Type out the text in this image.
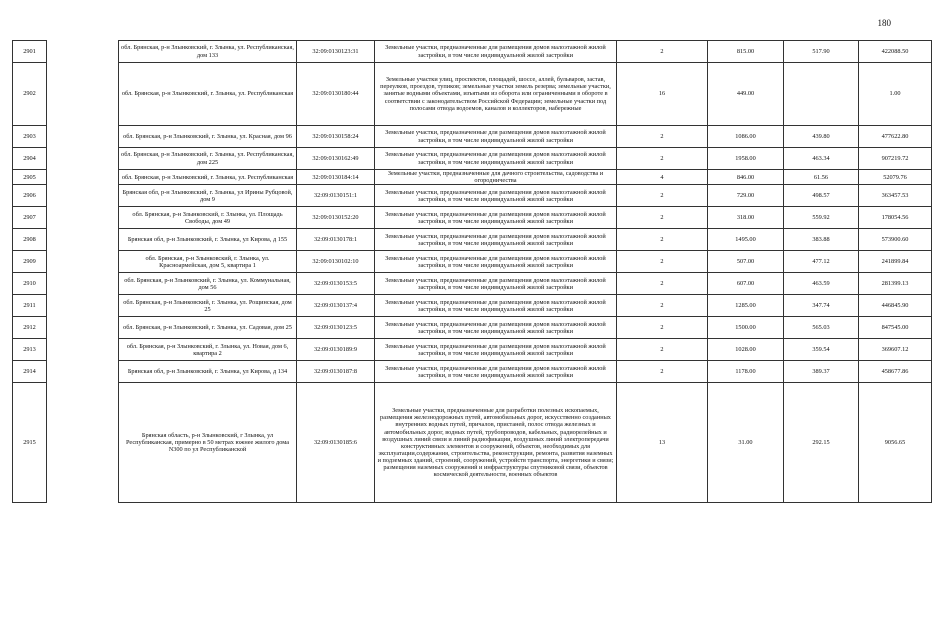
180
2901		обл. Брянская, р-н Злынковский, г. Злынка, ул. Республиканская, дом 133	32:09:0130123:31	Земельные участки, предназначенные для размещения домов малоэтажной жилой застройки, в том числе индивидуальной жилой застройки	2	815.00	517.90	422088.50
2902		обл. Брянская, р-н Злынковский, г. Злынка, ул. Республиканская	32:09:0130180:44	Земельные участки улиц, проспектов, площадей, шоссе, аллей, бульваров, застав, переулков, проездов, тупиков; земельные участки земель резерва; земельные участки, занятые водными объектами, изъятыми из оборота или ограниченными в обороте в соответствии с законодательством Российской Федерации; земельные участки под полосами отвода водоемов, каналов и коллекторов, набережные	16	449.00		1.00
2903		обл. Брянская, р-н Злынковский, г. Злынка, ул. Красная, дом 96	32:09:0130158:24	Земельные участки, предназначенные для размещения домов малоэтажной жилой застройки, в том числе индивидуальной жилой застройки	2	1086.00	439.80	477622.80
2904		обл. Брянская, р-н Злынковский, г. Злынка, ул. Республиканская, дом 225	32:09:0130162:49	Земельные участки, предназначенные для размещения домов малоэтажной жилой застройки, в том числе индивидуальной жилой застройки	2	1958.00	463.34	907219.72
2905		обл. Брянская, р-н Злынковский, г. Злынка, ул. Республиканская	32:09:0130184:14	Земельные участки, предназначенные для дачного строительства, садоводства и огородничества	4	846.00	61.56	52079.76
2906		Брянская обл, р-н Злынковский, г. Злынка, ул Ирины Рубцовой, дом 9	32:09:0130151:1	Земельные участки, предназначенные для размещения домов малоэтажной жилой застройки, в том числе индивидуальной жилой застройки	2	729.00	498.57	363457.53
2907		обл. Брянская, р-н Злынковский, г. Злынка, ул. Площадь Свободы, дом 49	32:09:0130152:20	Земельные участки, предназначенные для размещения домов малоэтажной жилой застройки, в том числе индивидуальной жилой застройки	2	318.00	559.92	178054.56
2908		Брянская обл, р-н Злынковский, г. Злынка, ул Кирова, д 155	32:09:0130178:1	Земельные участки, предназначенные для размещения домов малоэтажной жилой застройки, в том числе индивидуальной жилой застройки	2	1495.00	383.88	573900.60
2909		обл. Брянская, р-н Злынковский, г. Злынка, ул. Красноармейская, дом 5, квартира 1	32:09:0130102:10	Земельные участки, предназначенные для размещения домов малоэтажной жилой застройки, в том числе индивидуальной жилой застройки	2	507.00	477.12	241899.84
2910		обл. Брянская, р-н Злынковский, г. Злынка, ул. Коммунальная, дом 56	32:09:0130153:5	Земельные участки, предназначенные для размещения домов малоэтажной жилой застройки, в том числе индивидуальной жилой застройки	2	607.00	463.59	281399.13
2911		обл. Брянская, р-н Злынковский, г. Злынка, ул. Рощинская, дом 25	32:09:0130137:4	Земельные участки, предназначенные для размещения домов малоэтажной жилой застройки, в том числе индивидуальной жилой застройки	2	1285.00	347.74	446845.90
2912		обл. Брянская, р-н Злынковский, г. Злынка, ул. Садовая, дом 25	32:09:0130123:5	Земельные участки, предназначенные для размещения домов малоэтажной жилой застройки, в том числе индивидуальной жилой застройки	2	1500.00	565.03	847545.00
2913		обл. Брянская, р-н Злынковский, г. Злынка, ул. Новая, дом 6, квартира 2	32:09:0130189:9	Земельные участки, предназначенные для размещения домов малоэтажной жилой застройки, в том числе индивидуальной жилой застройки	2	1028.00	359.54	369607.12
2914		Брянская обл, р-н Злынковский, г. Злынка, ул Кирова, д 134	32:09:0130187:8	Земельные участки, предназначенные для размещения домов малоэтажной жилой застройки, в том числе индивидуальной жилой застройки	2	1178.00	389.37	458677.86
2915		Брянская область, р-н Злынковский, г Злынка, ул Республиканская, примерно в 50 метрах южнее жилого дома N300 по ул Республиканской	32:09:0130185:6	Земельные участки, предназначенные для разработки полезных ископаемых, размещения железнодорожных путей, автомобильных дорог, искусственно созданных внутренних водных путей, причалов, пристаней, полос отвода железных и автомобильных дорог, водных путей, трубопроводов, кабельных, радиорелейных и воздушных линий связи и линий радиофикации, воздушных линий электропередачи конструктивных элементов и сооружений, объектов, необходимых для эксплуатации,содержания, строительства, реконструкции, ремонта, развития наземных и подземных зданий, строений, сооружений, устройств транспорта, энергетики и связи; размещения наземных сооружений и инфраструктуры спутниковой связи, объектов космической деятельности, военных объектов	13	31.00	292.15	9056.65
